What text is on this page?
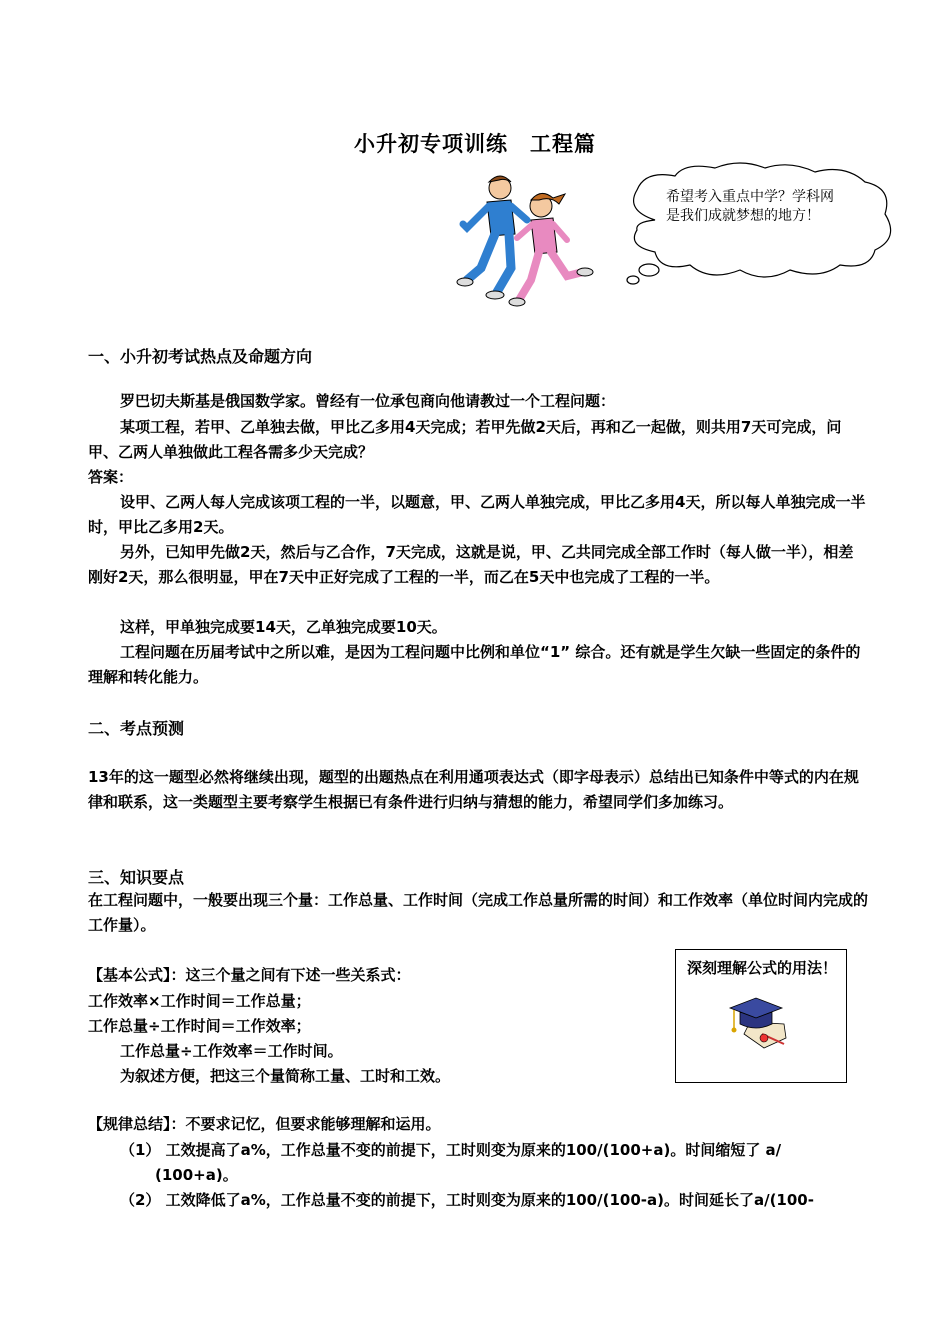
小升初专项训练　工程篇
希望考入重点中学？学科网是我们成就梦想的地方！
一、小升初考试热点及命题方向
罗巴切夫斯基是俄国数学家。曾经有一位承包商向他请教过一个工程问题：
某项工程，若甲、乙单独去做，甲比乙多用4天完成；若甲先做2天后，再和乙一起做，则共用7天可完成，问甲、乙两人单独做此工程各需多少天完成？
答案：
设甲、乙两人每人完成该项工程的一半，以题意，甲、乙两人单独完成，甲比乙多用4天，所以每人单独完成一半时，甲比乙多用2天。
另外，已知甲先做2天，然后与乙合作，7天完成，这就是说，甲、乙共同完成全部工作时（每人做一半），相差刚好2天，那么很明显，甲在7天中正好完成了工程的一半，而乙在5天中也完成了工程的一半。
这样，甲单独完成要14天，乙单独完成要10天。
工程问题在历届考试中之所以难，是因为工程问题中比例和单位“1” 综合。还有就是学生欠缺一些固定的条件的理解和转化能力。
二、考点预测
13年的这一题型必然将继续出现，题型的出题热点在利用通项表达式（即字母表示）总结出已知条件中等式的内在规律和联系，这一类题型主要考察学生根据已有条件进行归纳与猜想的能力，希望同学们多加练习。
三、知识要点
在工程问题中，一般要出现三个量：工作总量、工作时间（完成工作总量所需的时间）和工作效率（单位时间内完成的工作量）。
【基本公式】：这三个量之间有下述一些关系式：
工作效率×工作时间＝工作总量；
工作总量÷工作时间＝工作效率；
工作总量÷工作效率＝工作时间。
为叙述方便，把这三个量简称工量、工时和工效。
深刻理解公式的用法！
【规律总结】：不要求记忆，但要求能够理解和运用。
（1） 工效提高了a%，工作总量不变的前提下，工时则变为原来的100/(100+a)。时间缩短了 a/
(100+a)。
（2） 工效降低了a%，工作总量不变的前提下，工时则变为原来的100/(100-a)。时间延长了a/(100-
